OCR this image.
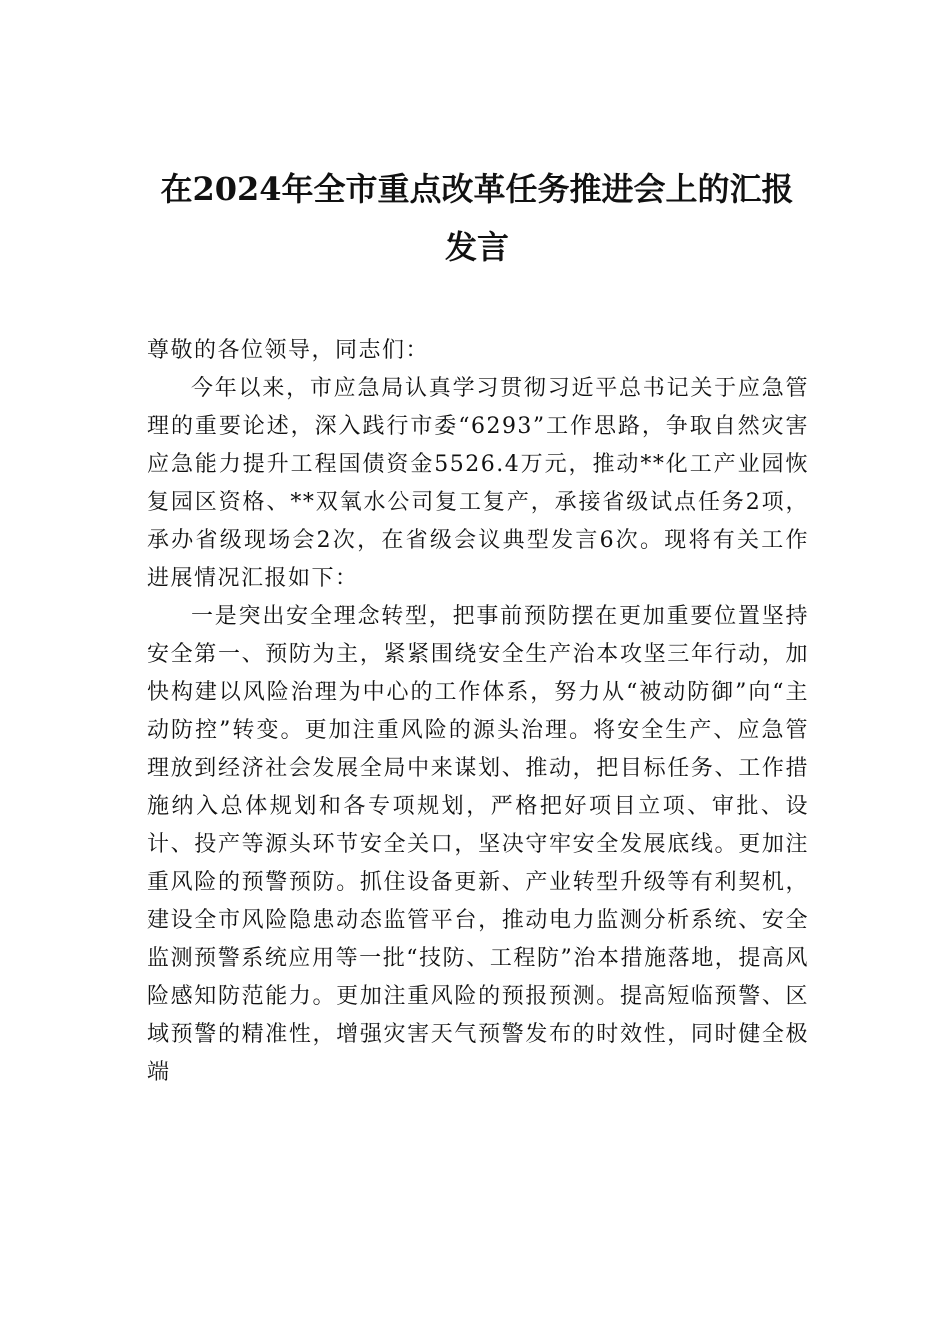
在2024年全市重点改革任务推进会上的汇报发言

尊敬的各位领导，同志们：

今年以来，市应急局认真学习贯彻习近平总书记关于应急管理的重要论述，深入践行市委“6293”工作思路，争取自然灾害应急能力提升工程国债资金5526.4万元，推动**化工产业园恢复园区资格、**双氧水公司复工复产，承接省级试点任务2项，承办省级现场会2次，在省级会议典型发言6次。现将有关工作进展情况汇报如下：

一是突出安全理念转型，把事前预防摆在更加重要位置坚持安全第一、预防为主，紧紧围绕安全生产治本攻坚三年行动，加快构建以风险治理为中心的工作体系，努力从“被动防御”向“主动防控”转变。更加注重风险的源头治理。将安全生产、应急管理放到经济社会发展全局中来谋划、推动，把目标任务、工作措施纳入总体规划和各专项规划，严格把好项目立项、审批、设计、投产等源头环节安全关口，坚决守牢安全发展底线。更加注重风险的预警预防。抓住设备更新、产业转型升级等有利契机，建设全市风险隐患动态监管平台，推动电力监测分析系统、安全监测预警系统应用等一批“技防、工程防”治本措施落地，提高风险感知防范能力。更加注重风险的预报预测。提高短临预警、区域预警的精准性，增强灾害天气预警发布的时效性，同时健全极端
